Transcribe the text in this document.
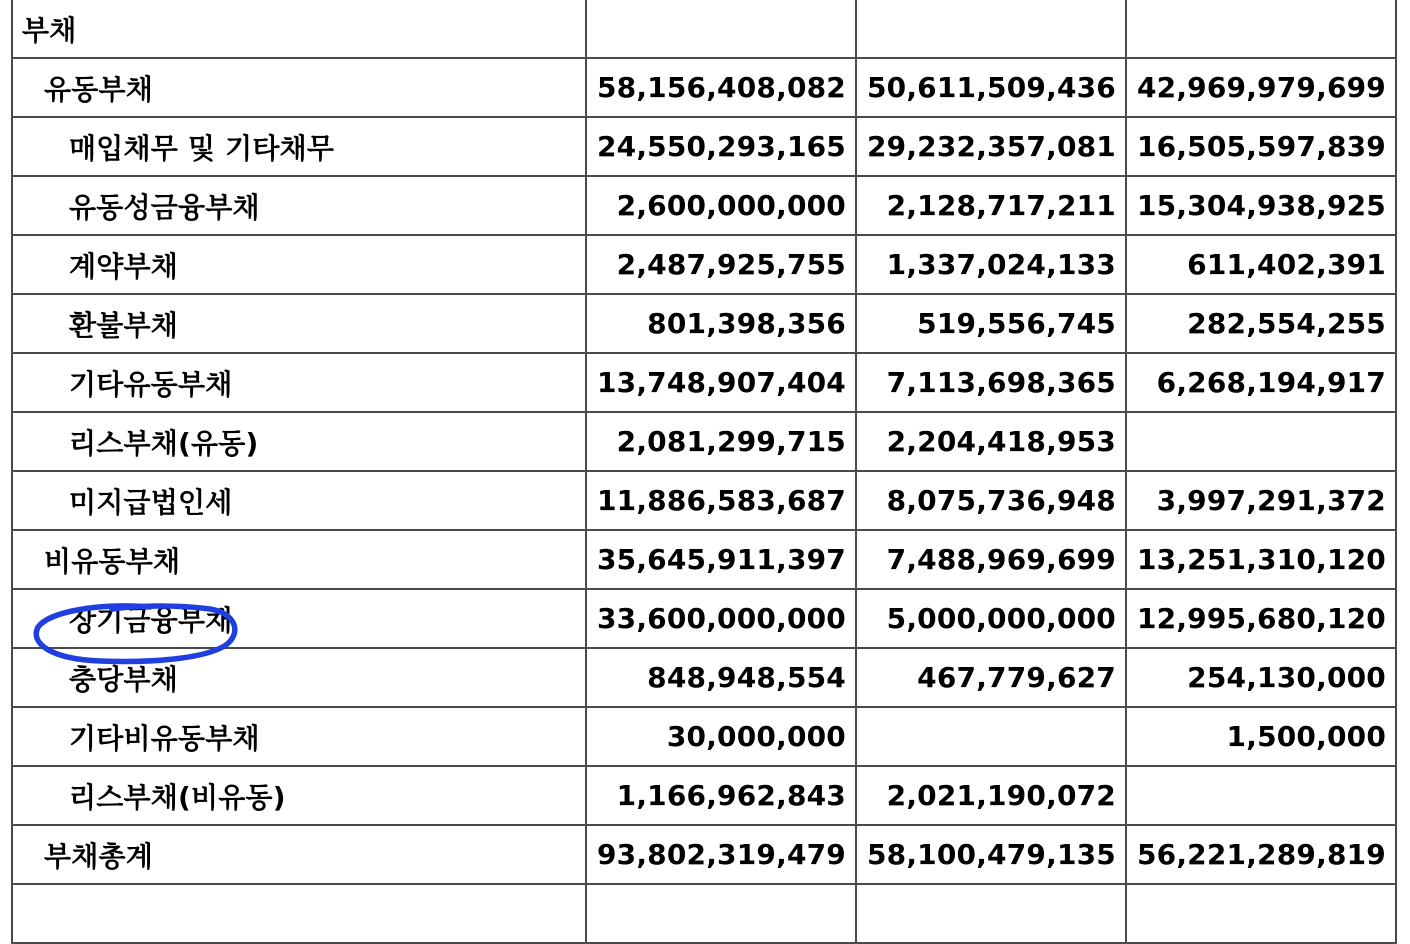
부채			
유동부채	58,156,408,082	50,611,509,436	42,969,979,699
매입채무 및 기타채무	24,550,293,165	29,232,357,081	16,505,597,839
유동성금융부채	2,600,000,000	2,128,717,211	15,304,938,925
계약부채	2,487,925,755	1,337,024,133	611,402,391
환불부채	801,398,356	519,556,745	282,554,255
기타유동부채	13,748,907,404	7,113,698,365	6,268,194,917
리스부채(유동)	2,081,299,715	2,204,418,953	
미지급법인세	11,886,583,687	8,075,736,948	3,997,291,372
비유동부채	35,645,911,397	7,488,969,699	13,251,310,120
장기금융부채	33,600,000,000	5,000,000,000	12,995,680,120
충당부채	848,948,554	467,779,627	254,130,000
기타비유동부채	30,000,000		1,500,000
리스부채(비유동)	1,166,962,843	2,021,190,072	
부채총계	93,802,319,479	58,100,479,135	56,221,289,819
